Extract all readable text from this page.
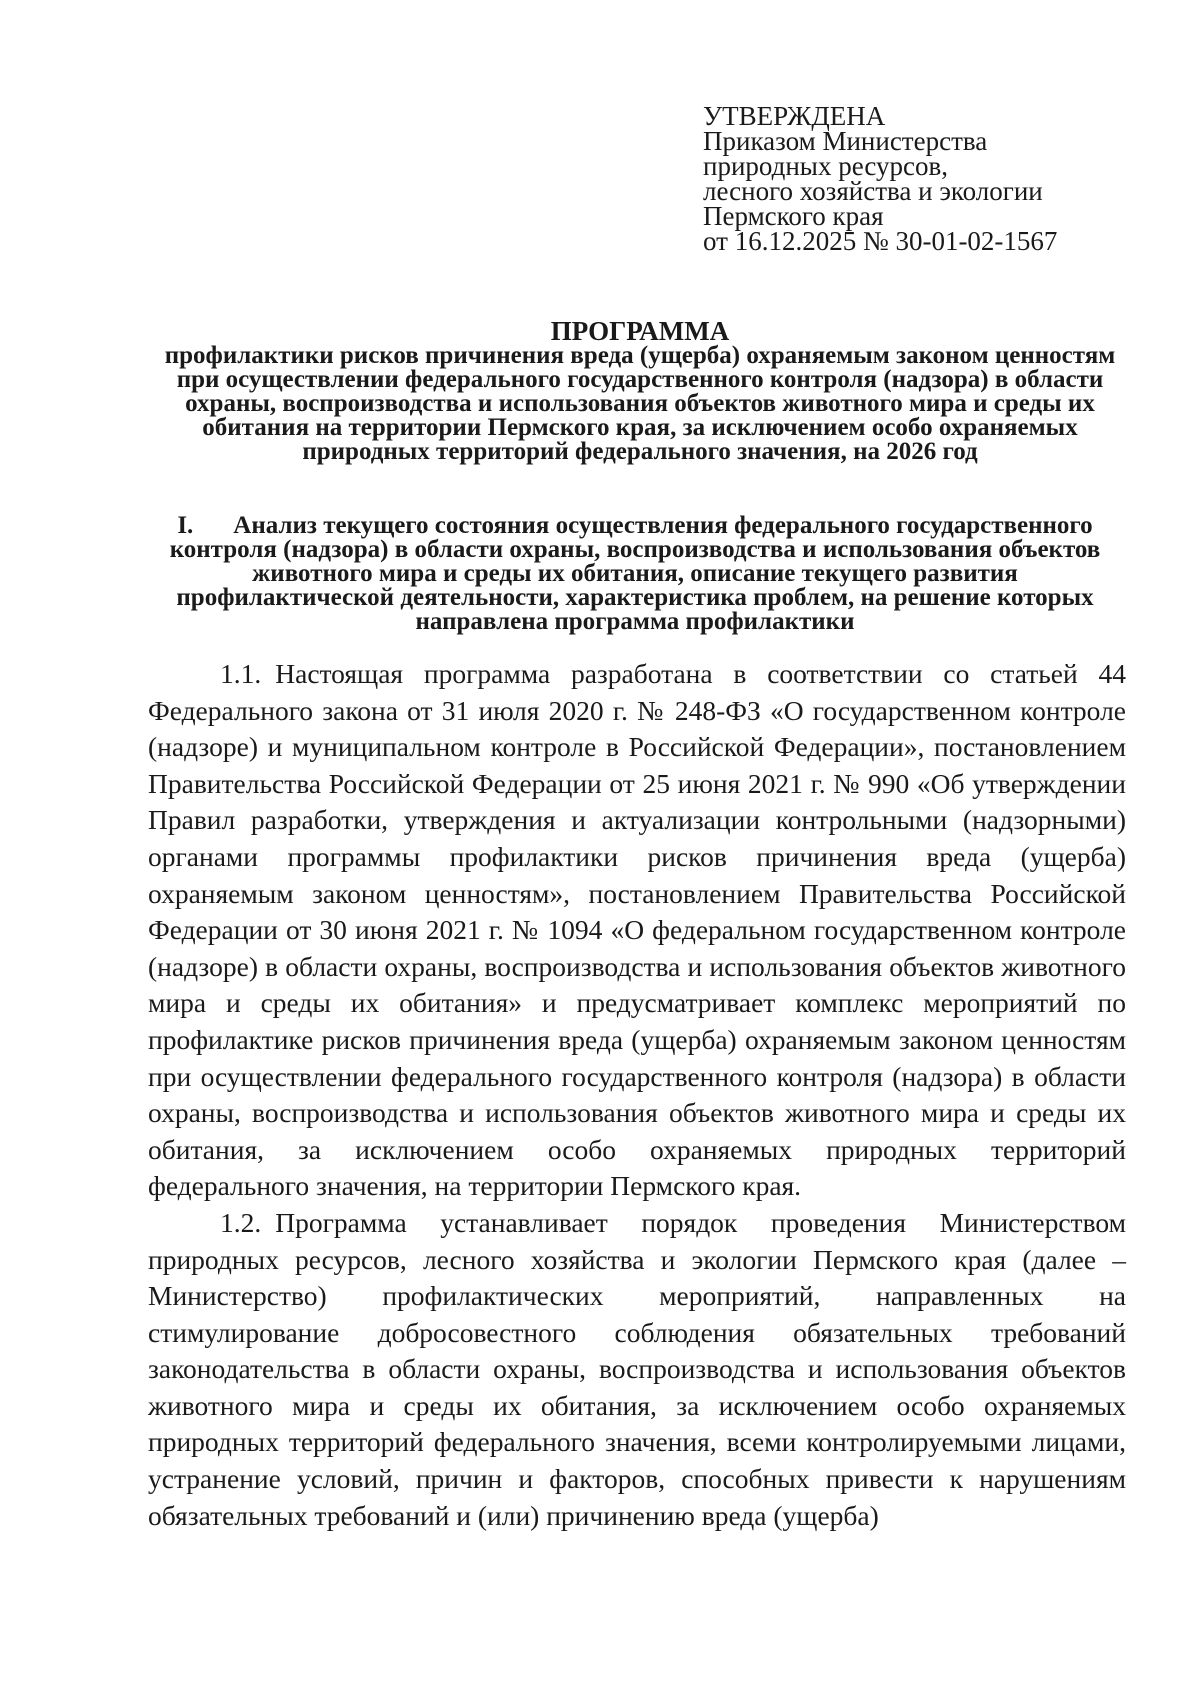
УТВЕРЖДЕНА
Приказом Министерства
природных ресурсов,
лесного хозяйства и экологии
Пермского края
от 16.12.2025 № 30-01-02-1567
ПРОГРАММА
профилактики рисков причинения вреда (ущерба) охраняемым законом ценностям при осуществлении федерального государственного контроля (надзора) в области охраны, воспроизводства и использования объектов животного мира и среды их обитания на территории Пермского края, за исключением особо охраняемых природных территорий федерального значения, на 2026 год
I. Анализ текущего состояния осуществления федерального государственного контроля (надзора) в области охраны, воспроизводства и использования объектов животного мира и среды их обитания, описание текущего развития профилактической деятельности, характеристика проблем, на решение которых направлена программа профилактики

1.1. Настоящая программа разработана в соответствии со статьей 44 Федерального закона от 31 июля 2020 г. № 248-ФЗ «О государственном контроле (надзоре) и муниципальном контроле в Российской Федерации», постановлением Правительства Российской Федерации от 25 июня 2021 г. № 990 «Об утверждении Правил разработки, утверждения и актуализации контрольными (надзорными) органами программы профилактики рисков причинения вреда (ущерба) охраняемым законом ценностям», постановлением Правительства Российской Федерации от 30 июня 2021 г. № 1094 «О федеральном государственном контроле (надзоре) в области охраны, воспроизводства и использования объектов животного мира и среды их обитания» и предусматривает комплекс мероприятий по профилактике рисков причинения вреда (ущерба) охраняемым законом ценностям при осуществлении федерального государственного контроля (надзора) в области охраны, воспроизводства и использования объектов животного мира и среды их обитания, за исключением особо охраняемых природных территорий федерального значения, на территории Пермского края.

1.2. Программа устанавливает порядок проведения Министерством природных ресурсов, лесного хозяйства и экологии Пермского края (далее – Министерство) профилактических мероприятий, направленных на стимулирование добросовестного соблюдения обязательных требований законодательства в области охраны, воспроизводства и использования объектов животного мира и среды их обитания, за исключением особо охраняемых природных территорий федерального значения, всеми контролируемыми лицами, устранение условий, причин и факторов, способных привести к нарушениям обязательных требований и (или) причинению вреда (ущерба)
